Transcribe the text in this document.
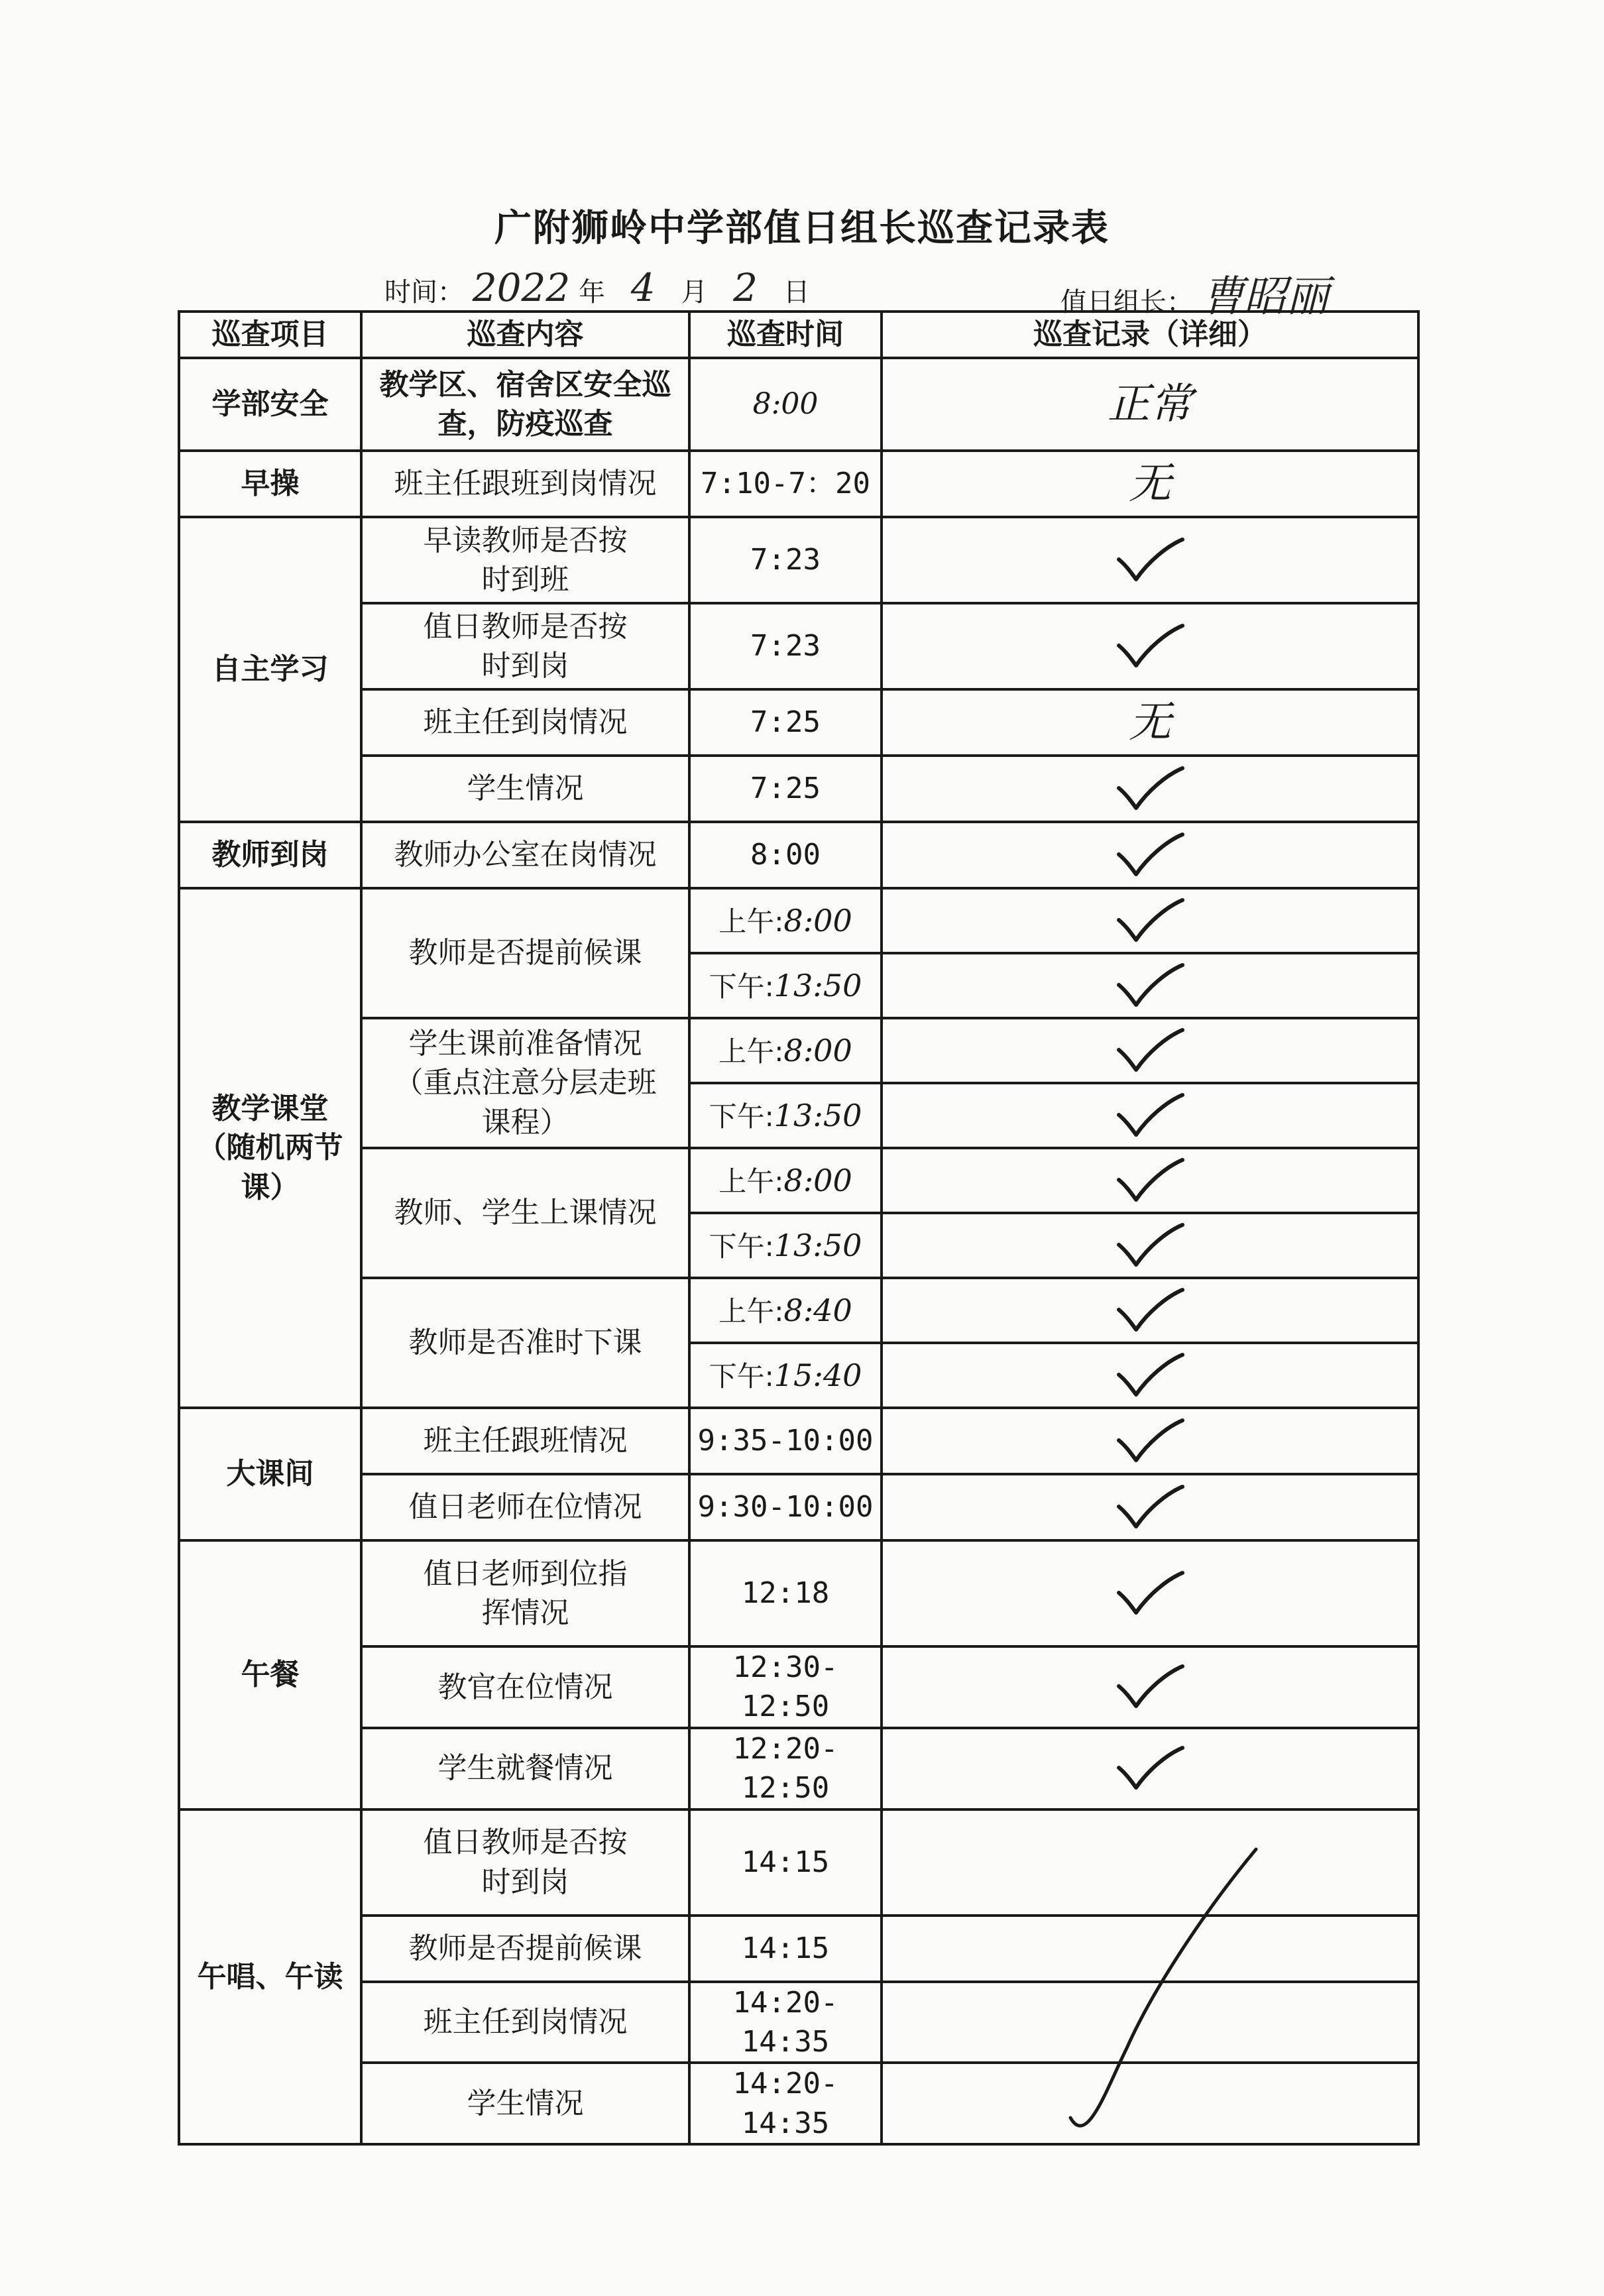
广附狮岭中学部值日组长巡查记录表
时间： 2022 年 4 月 2 日	值日组长： 曹昭丽
巡查项目	巡查内容	巡查时间	巡查记录（详细）
学部安全	教学区、宿舍区安全巡查，防疫巡查	8:00	正常
早操	班主任跟班到岗情况	7:10-7：20	无
自主学习	早读教师是否按时到班	7:23	

	值日教师是否按时到岗	7:23	

	班主任到岗情况	7:25	无
	学生情况	7:25	

教师到岗	教师办公室在岗情况	8:00	

教学课堂（随机两节课）	教师是否提前候课	上午:8:00	

		下午:13:50	

	学生课前准备情况（重点注意分层走班课程）	上午:8:00	

		下午:13:50	

	教师、学生上课情况	上午:8:00	

		下午:13:50	

	教师是否准时下课	上午:8:40	

		下午:15:40	

大课间	班主任跟班情况	9:35-10:00	

	值日老师在位情况	9:30-10:00	

午餐	值日老师到位指挥情况	12:18	

	教官在位情况	12:30-12:50	

	学生就餐情况	12:20-12:50	

午唱、午读	值日教师是否按时到岗	14:15	
	教师是否提前候课	14:15	
	班主任到岗情况	14:20-14:35	
	学生情况	14:20-14:35	
